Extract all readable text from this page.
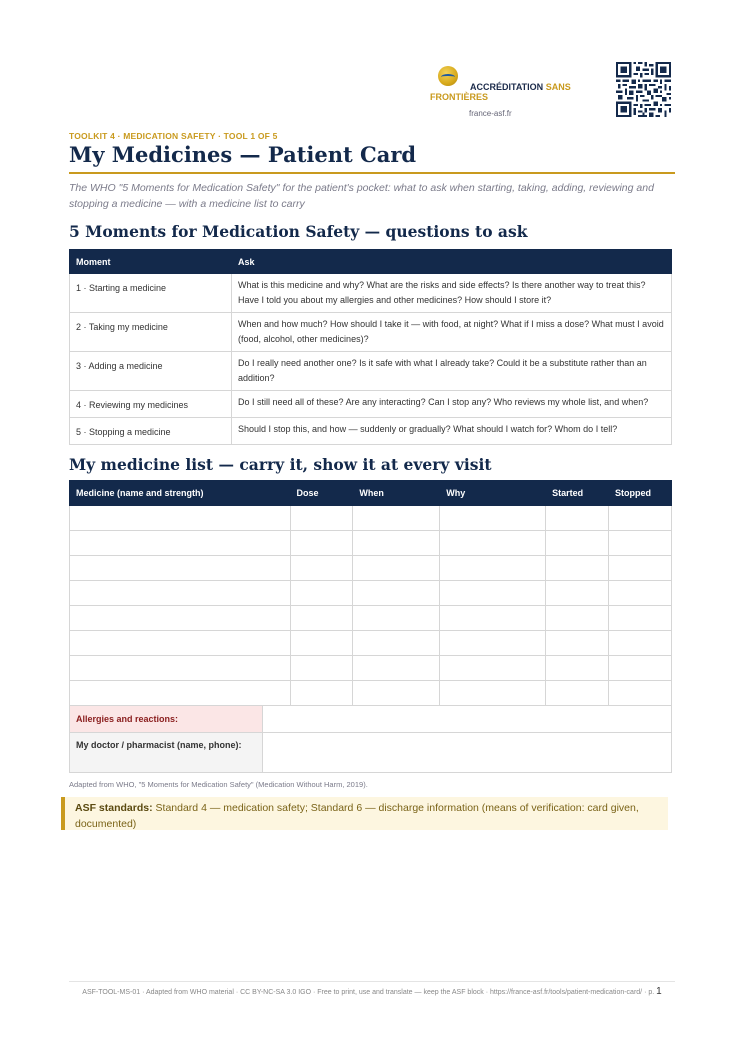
ACCRÉDITATION SANS FRONTIÈRES
france-asf.fr
TOOLKIT 4 · MEDICATION SAFETY · TOOL 1 OF 5
My Medicines — Patient Card

The WHO "5 Moments for Medication Safety" for the patient's pocket: what to ask when starting, taking, adding, reviewing and stopping a medicine — with a medicine list to carry

5 Moments for Medication Safety — questions to ask
Moment	Ask
1 · Starting a medicine	What is this medicine and why? What are the risks and side effects? Is there another way to treat this? Have I told you about my allergies and other medicines? How should I store it?
2 · Taking my medicine	When and how much? How should I take it — with food, at night? What if I miss a dose? What must I avoid (food, alcohol, other medicines)?
3 · Adding a medicine	Do I really need another one? Is it safe with what I already take? Could it be a substitute rather than an addition?
4 · Reviewing my medicines	Do I still need all of these? Are any interacting? Can I stop any? Who reviews my whole list, and when?
5 · Stopping a medicine	Should I stop this, and how — suddenly or gradually? What should I watch for? Whom do I tell?
My medicine list — carry it, show it at every visit
Medicine (name and strength)	Dose	When	Why	Started	Stopped

Allergies and reactions:	
My doctor / pharmacist (name, phone):	
Adapted from WHO, "5 Moments for Medication Safety" (Medication Without Harm, 2019).
ASF standards: Standard 4 — medication safety; Standard 6 — discharge information (means of verification: card given, documented)
ASF-TOOL-MS-01 · Adapted from WHO material · CC BY-NC-SA 3.0 IGO · Free to print, use and translate — keep the ASF block · https://france-asf.fr/tools/patient-medication-card/ · p. 1
